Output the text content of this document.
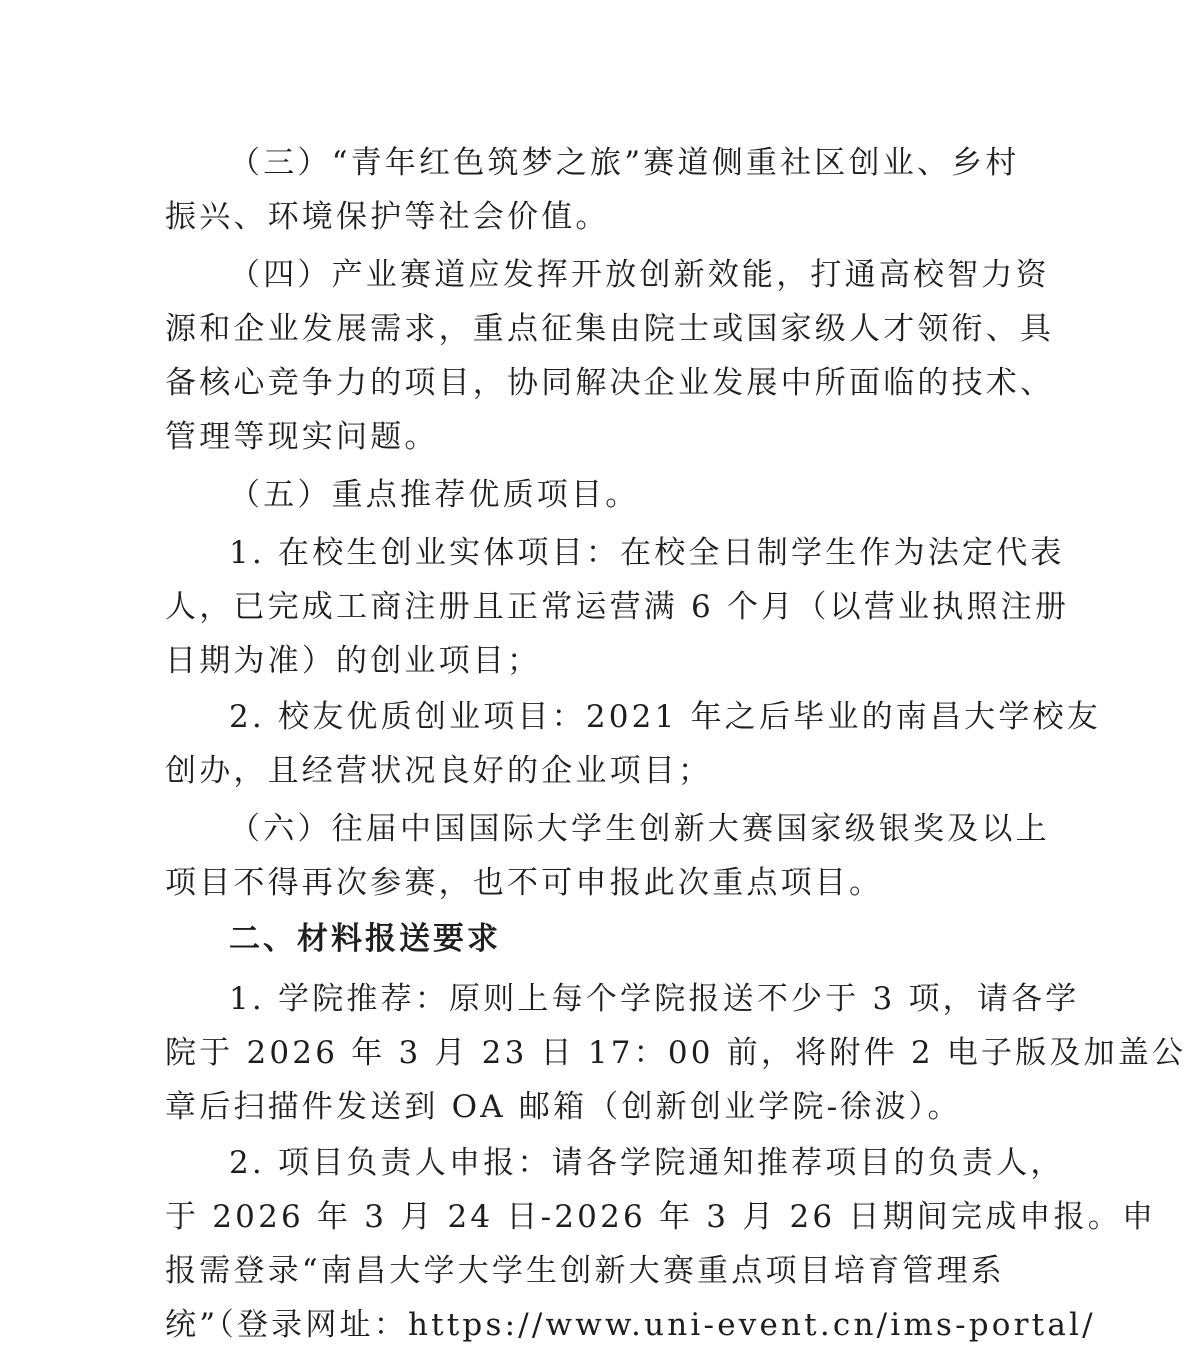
（三）“青年红色筑梦之旅”赛道侧重社区创业、乡村
振兴、环境保护等社会价值。

（四）产业赛道应发挥开放创新效能，打通高校智力资
源和企业发展需求，重点征集由院士或国家级人才领衔、具
备核心竞争力的项目，协同解决企业发展中所面临的技术、
管理等现实问题。

（五）重点推荐优质项目。

1. 在校生创业实体项目：在校全日制学生作为法定代表
人，已完成工商注册且正常运营满 6 个月（以营业执照注册
日期为准）的创业项目；

2. 校友优质创业项目：2021 年之后毕业的南昌大学校友
创办，且经营状况良好的企业项目；

（六）往届中国国际大学生创新大赛国家级银奖及以上
项目不得再次参赛，也不可申报此次重点项目。

二、材料报送要求

1. 学院推荐：原则上每个学院报送不少于 3 项，请各学
院于 2026 年 3 月 23 日 17：00 前，将附件 2 电子版及加盖公
章后扫描件发送到 OA 邮箱（创新创业学院-徐波）。

2. 项目负责人申报：请各学院通知推荐项目的负责人，
于 2026 年 3 月 24 日-2026 年 3 月 26 日期间完成申报。申
报需登录“南昌大学大学生创新大赛重点项目培育管理系
统”（登录网址：https://www.uni-event.cn/ims-portal/
